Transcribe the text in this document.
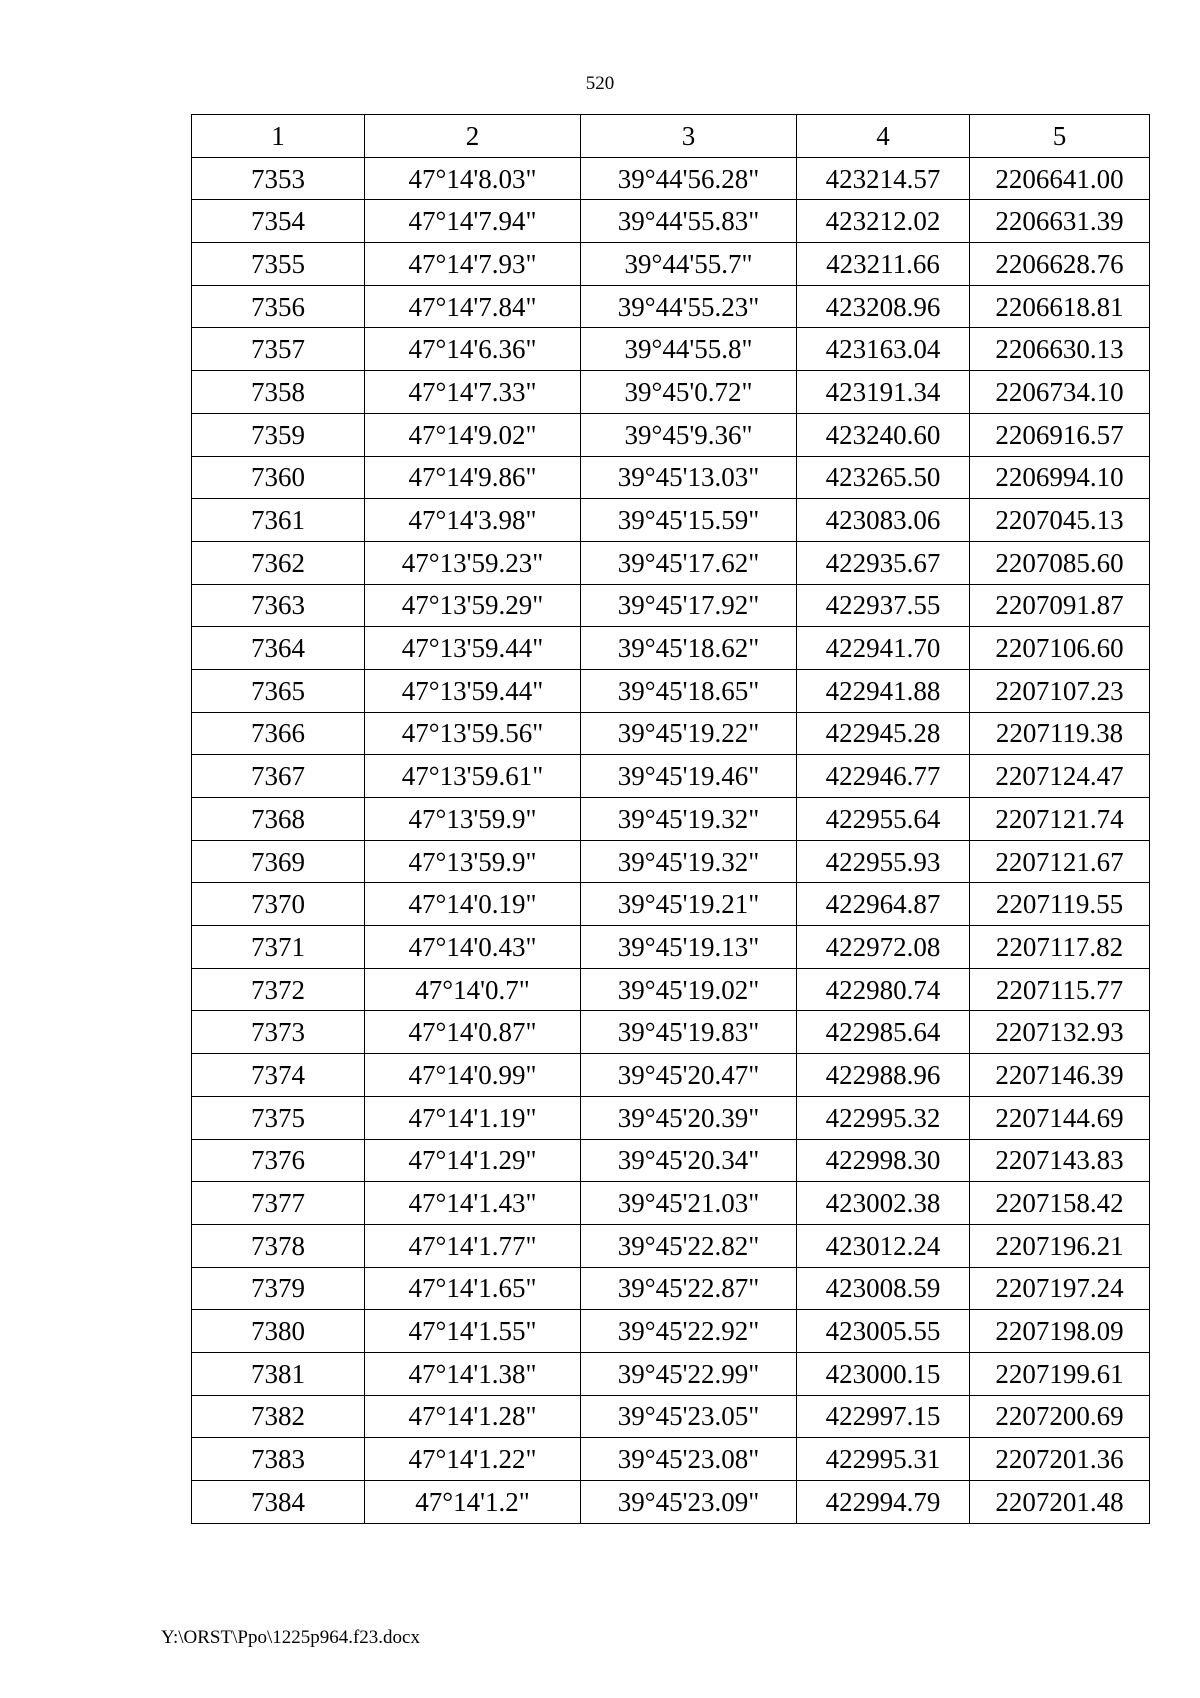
520
1	2	3	4	5
7353	47°14'8.03"	39°44'56.28"	423214.57	2206641.00
7354	47°14'7.94"	39°44'55.83"	423212.02	2206631.39
7355	47°14'7.93"	39°44'55.7"	423211.66	2206628.76
7356	47°14'7.84"	39°44'55.23"	423208.96	2206618.81
7357	47°14'6.36"	39°44'55.8"	423163.04	2206630.13
7358	47°14'7.33"	39°45'0.72"	423191.34	2206734.10
7359	47°14'9.02"	39°45'9.36"	423240.60	2206916.57
7360	47°14'9.86"	39°45'13.03"	423265.50	2206994.10
7361	47°14'3.98"	39°45'15.59"	423083.06	2207045.13
7362	47°13'59.23"	39°45'17.62"	422935.67	2207085.60
7363	47°13'59.29"	39°45'17.92"	422937.55	2207091.87
7364	47°13'59.44"	39°45'18.62"	422941.70	2207106.60
7365	47°13'59.44"	39°45'18.65"	422941.88	2207107.23
7366	47°13'59.56"	39°45'19.22"	422945.28	2207119.38
7367	47°13'59.61"	39°45'19.46"	422946.77	2207124.47
7368	47°13'59.9"	39°45'19.32"	422955.64	2207121.74
7369	47°13'59.9"	39°45'19.32"	422955.93	2207121.67
7370	47°14'0.19"	39°45'19.21"	422964.87	2207119.55
7371	47°14'0.43"	39°45'19.13"	422972.08	2207117.82
7372	47°14'0.7"	39°45'19.02"	422980.74	2207115.77
7373	47°14'0.87"	39°45'19.83"	422985.64	2207132.93
7374	47°14'0.99"	39°45'20.47"	422988.96	2207146.39
7375	47°14'1.19"	39°45'20.39"	422995.32	2207144.69
7376	47°14'1.29"	39°45'20.34"	422998.30	2207143.83
7377	47°14'1.43"	39°45'21.03"	423002.38	2207158.42
7378	47°14'1.77"	39°45'22.82"	423012.24	2207196.21
7379	47°14'1.65"	39°45'22.87"	423008.59	2207197.24
7380	47°14'1.55"	39°45'22.92"	423005.55	2207198.09
7381	47°14'1.38"	39°45'22.99"	423000.15	2207199.61
7382	47°14'1.28"	39°45'23.05"	422997.15	2207200.69
7383	47°14'1.22"	39°45'23.08"	422995.31	2207201.36
7384	47°14'1.2"	39°45'23.09"	422994.79	2207201.48
Y:\ORST\Ppo\1225p964.f23.docx
